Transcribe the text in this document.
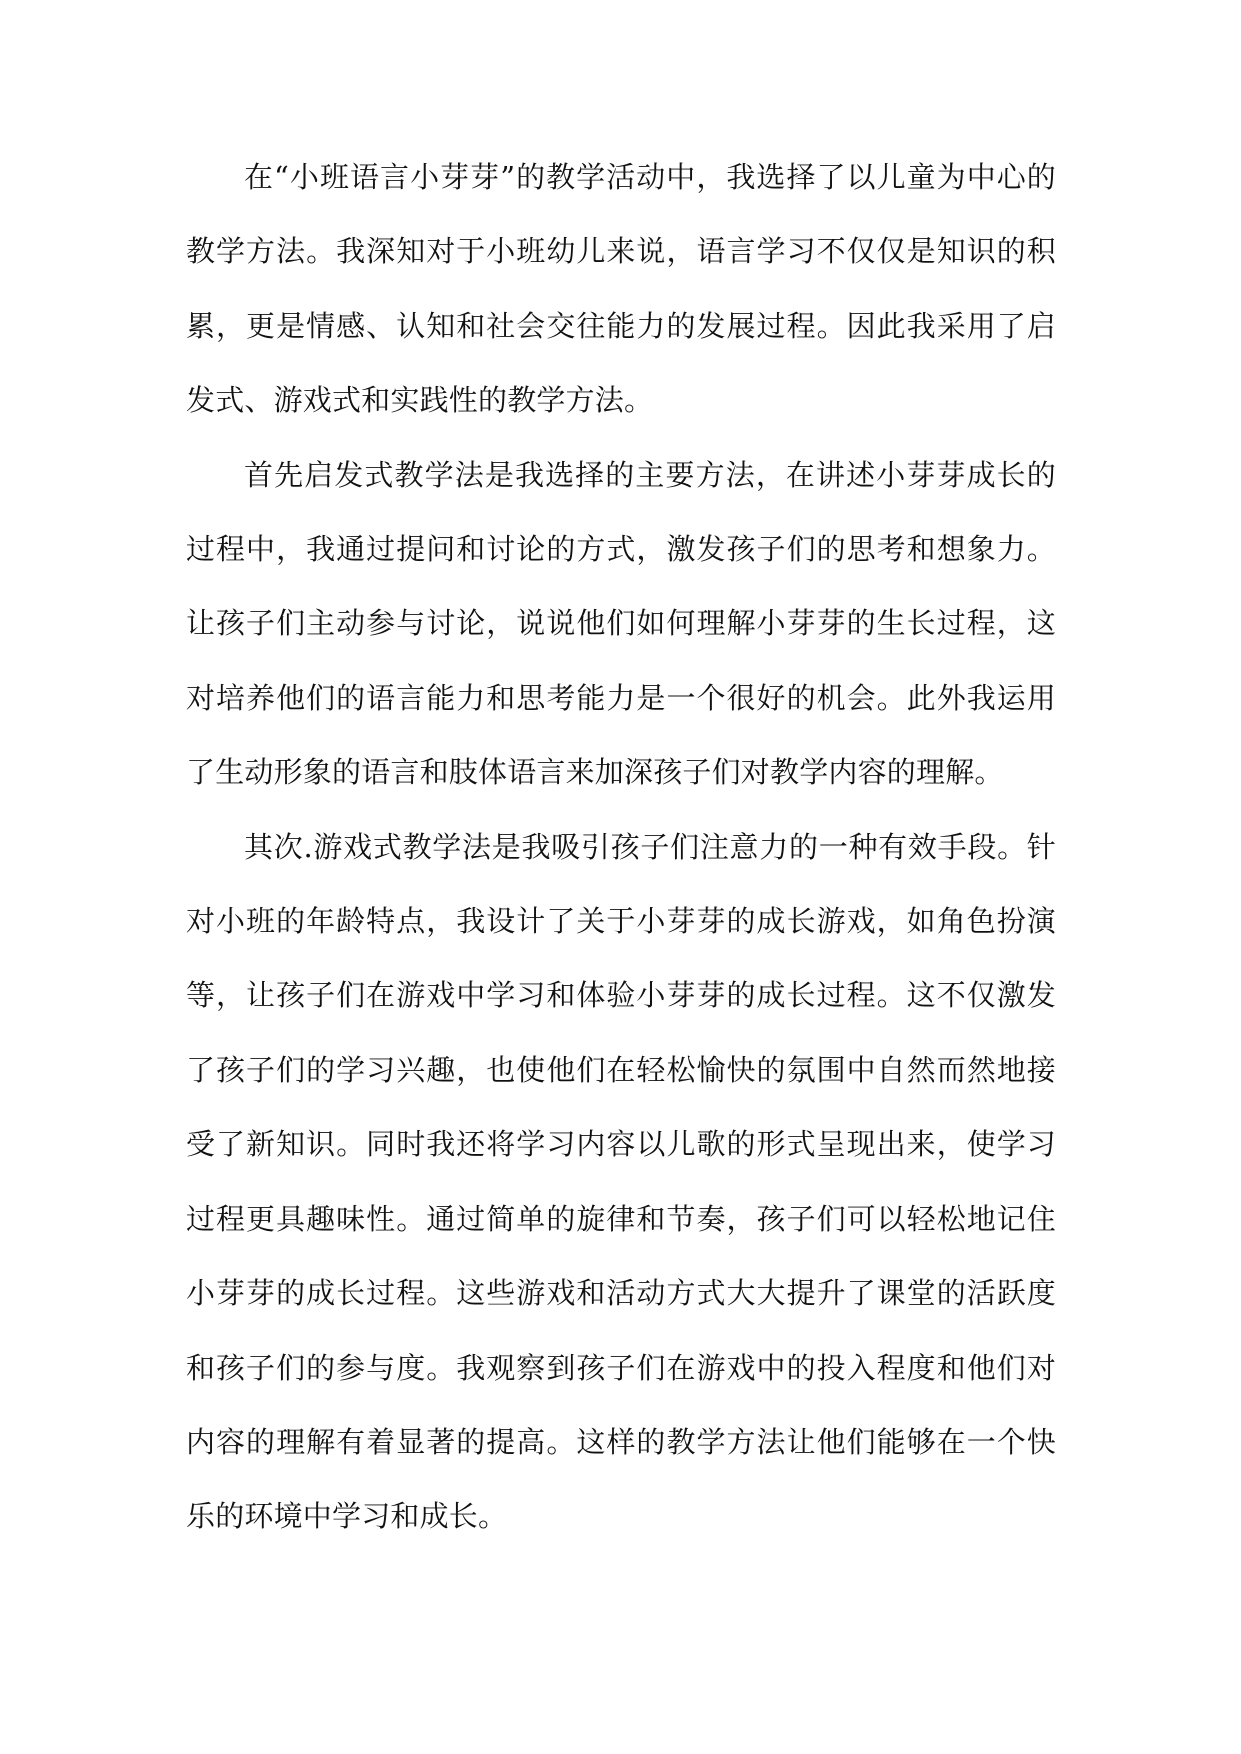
在“小班语言小芽芽”的教学活动中，我选择了以儿童为中心的教学方法。我深知对于小班幼儿来说，语言学习不仅仅是知识的积累，更是情感、认知和社会交往能力的发展过程。因此我采用了启发式、游戏式和实践性的教学方法。

首先启发式教学法是我选择的主要方法，在讲述小芽芽成长的过程中，我通过提问和讨论的方式，激发孩子们的思考和想象力。让孩子们主动参与讨论，说说他们如何理解小芽芽的生长过程，这对培养他们的语言能力和思考能力是一个很好的机会。此外我运用了生动形象的语言和肢体语言来加深孩子们对教学内容的理解。

其次.游戏式教学法是我吸引孩子们注意力的一种有效手段。针对小班的年龄特点，我设计了关于小芽芽的成长游戏，如角色扮演等，让孩子们在游戏中学习和体验小芽芽的成长过程。这不仅激发了孩子们的学习兴趣，也使他们在轻松愉快的氛围中自然而然地接受了新知识。同时我还将学习内容以儿歌的形式呈现出来，使学习过程更具趣味性。通过简单的旋律和节奏，孩子们可以轻松地记住小芽芽的成长过程。这些游戏和活动方式大大提升了课堂的活跃度和孩子们的参与度。我观察到孩子们在游戏中的投入程度和他们对内容的理解有着显著的提高。这样的教学方法让他们能够在一个快乐的环境中学习和成长。
